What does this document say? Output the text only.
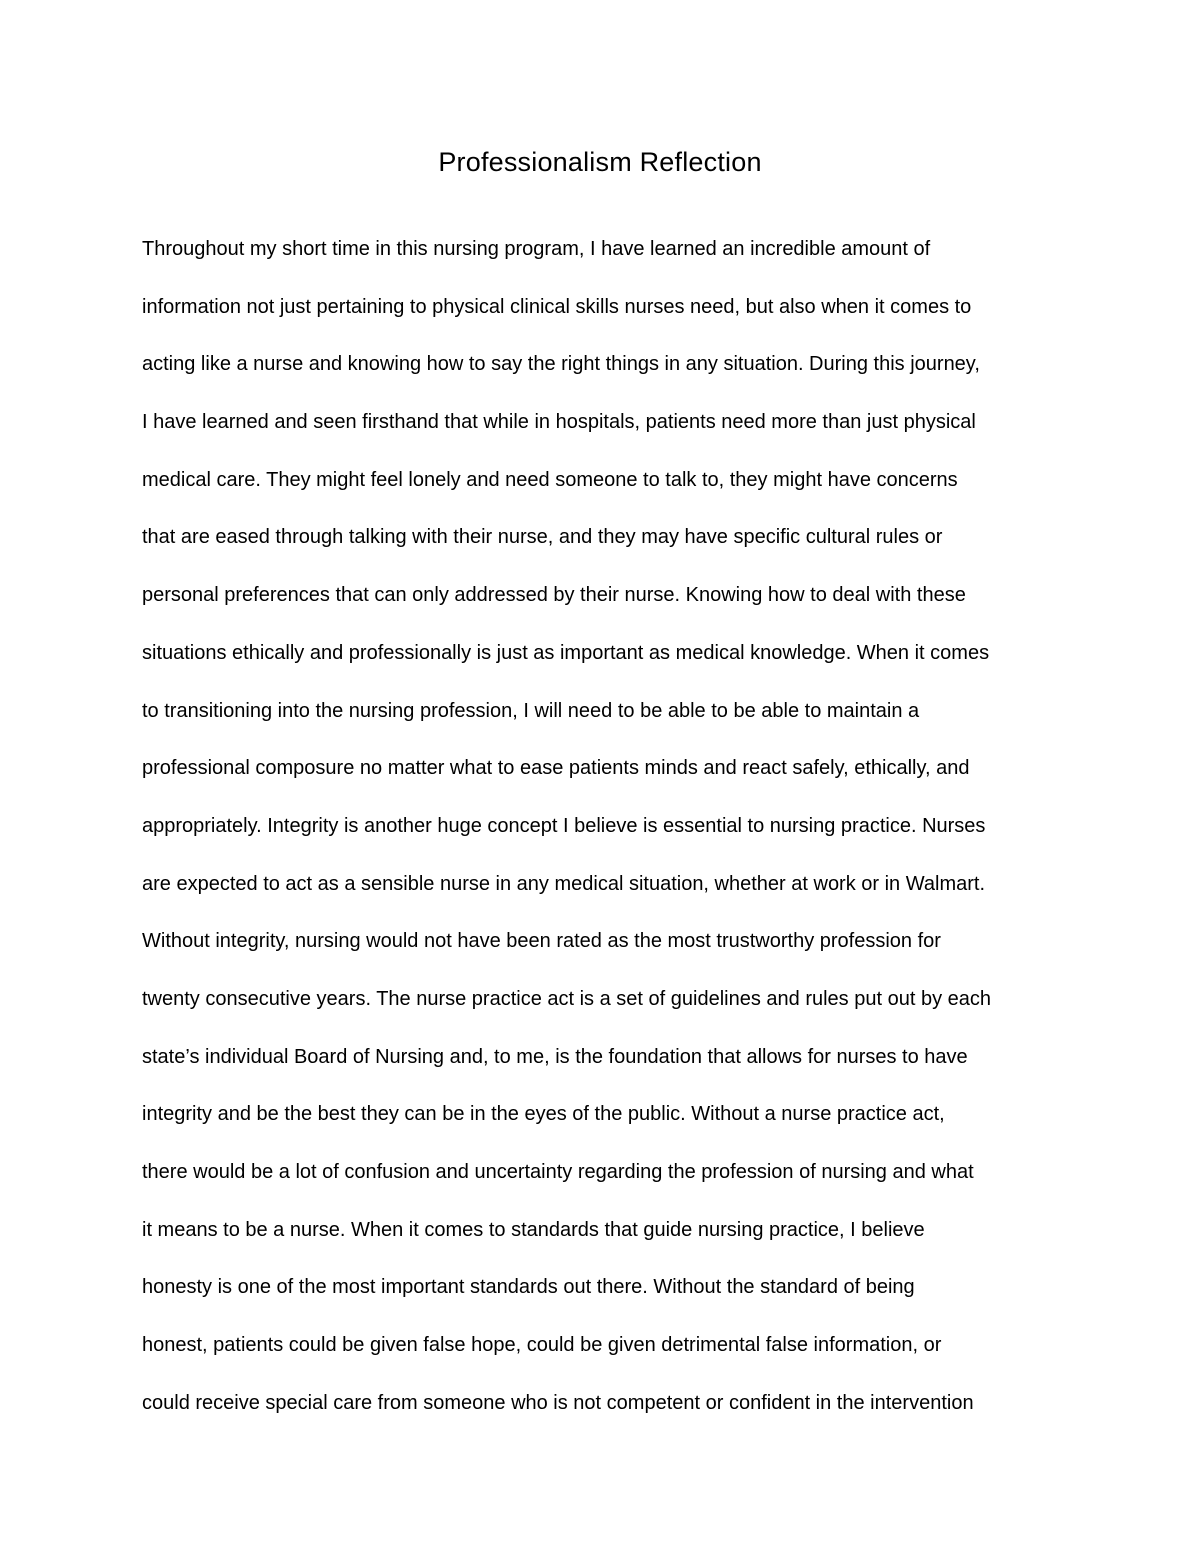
Professionalism Reflection
Throughout my short time in this nursing program, I have learned an incredible amount of
information not just pertaining to physical clinical skills nurses need, but also when it comes to
acting like a nurse and knowing how to say the right things in any situation. During this journey,
I have learned and seen firsthand that while in hospitals, patients need more than just physical
medical care. They might feel lonely and need someone to talk to, they might have concerns
that are eased through talking with their nurse, and they may have specific cultural rules or
personal preferences that can only addressed by their nurse. Knowing how to deal with these
situations ethically and professionally is just as important as medical knowledge. When it comes
to transitioning into the nursing profession, I will need to be able to be able to maintain a
professional composure no matter what to ease patients minds and react safely, ethically, and
appropriately. Integrity is another huge concept I believe is essential to nursing practice. Nurses
are expected to act as a sensible nurse in any medical situation, whether at work or in Walmart.
Without integrity, nursing would not have been rated as the most trustworthy profession for
twenty consecutive years. The nurse practice act is a set of guidelines and rules put out by each
state’s individual Board of Nursing and, to me, is the foundation that allows for nurses to have
integrity and be the best they can be in the eyes of the public. Without a nurse practice act,
there would be a lot of confusion and uncertainty regarding the profession of nursing and what
it means to be a nurse. When it comes to standards that guide nursing practice, I believe
honesty is one of the most important standards out there. Without the standard of being
honest, patients could be given false hope, could be given detrimental false information, or
could receive special care from someone who is not competent or confident in the intervention
